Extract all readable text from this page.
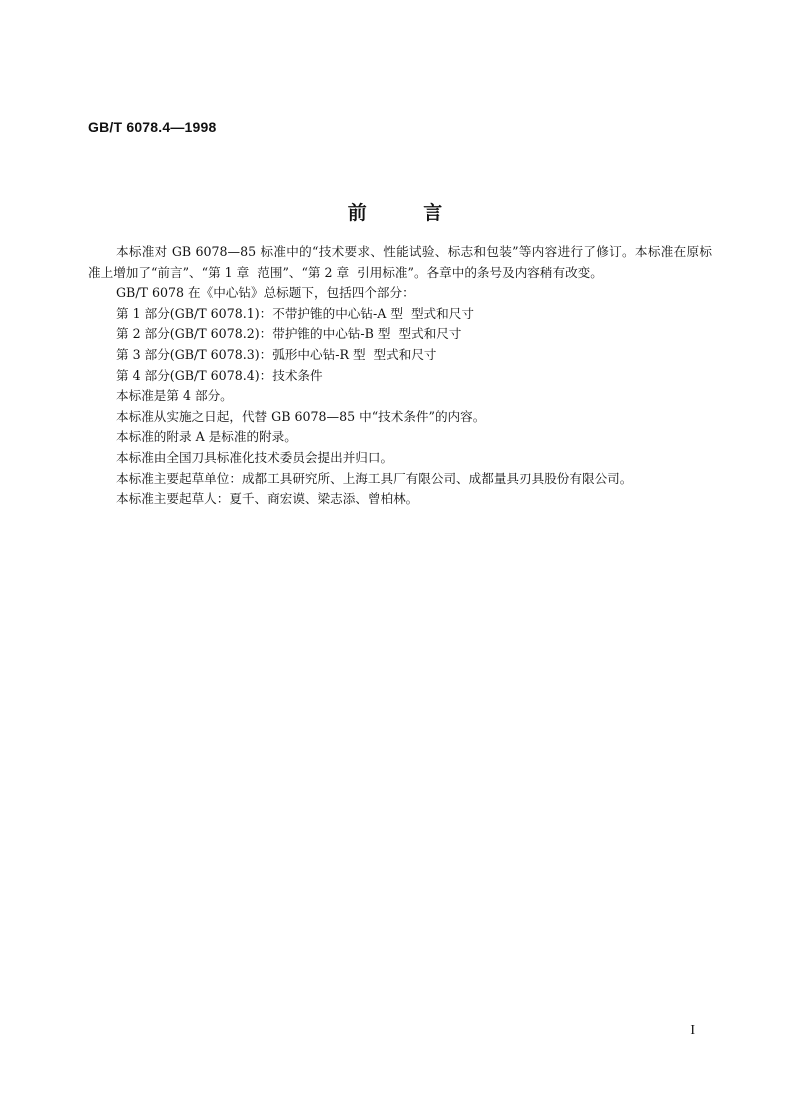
GB/T 6078.4—1998
前 言

本标准对 GB 6078—85 标准中的“技术要求、性能试验、标志和包装”等内容进行了修订。本标准在原标准上增加了“前言”、“第 1 章  范围”、“第 2 章  引用标准”。各章中的条号及内容稍有改变。

GB/T 6078 在《中心钻》总标题下，包括四个部分：

第 1 部分(GB/T 6078.1)：不带护锥的中心钻-A 型  型式和尺寸

第 2 部分(GB/T 6078.2)：带护锥的中心钻-B 型  型式和尺寸

第 3 部分(GB/T 6078.3)：弧形中心钻-R 型  型式和尺寸

第 4 部分(GB/T 6078.4)：技术条件

本标准是第 4 部分。

本标准从实施之日起，代替 GB 6078—85 中“技术条件”的内容。

本标准的附录 A 是标准的附录。

本标准由全国刀具标准化技术委员会提出并归口。

本标准主要起草单位：成都工具研究所、上海工具厂有限公司、成都量具刃具股份有限公司。

本标准主要起草人：夏千、商宏谟、梁志添、曾柏林。

I
